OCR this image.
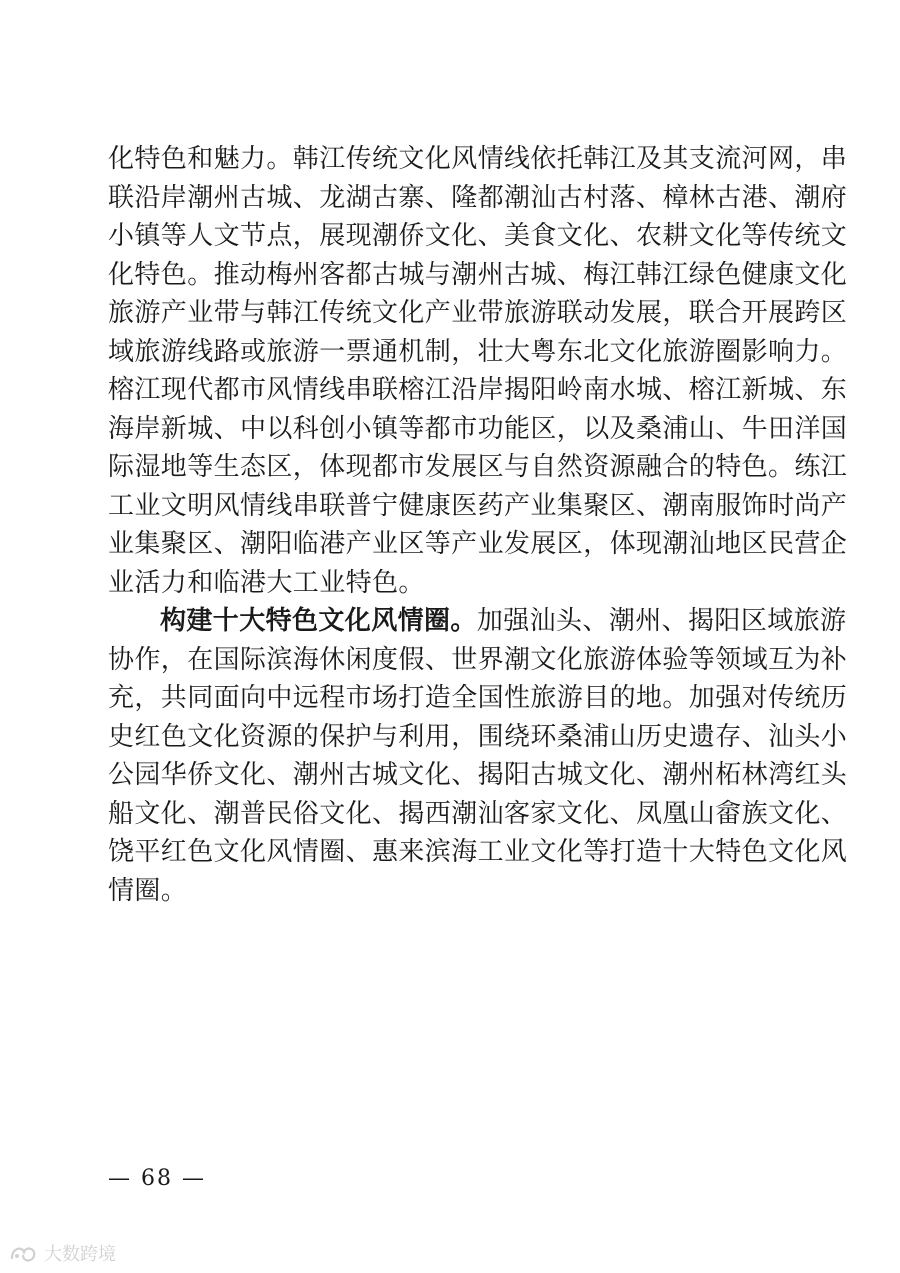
化特色和魅力。韩江传统文化风情线依托韩江及其支流河网，串
联沿岸潮州古城、龙湖古寨、隆都潮汕古村落、樟林古港、潮府
小镇等人文节点，展现潮侨文化、美食文化、农耕文化等传统文
化特色。推动梅州客都古城与潮州古城、梅江韩江绿色健康文化
旅游产业带与韩江传统文化产业带旅游联动发展，联合开展跨区
域旅游线路或旅游一票通机制，壮大粤东北文化旅游圈影响力。
榕江现代都市风情线串联榕江沿岸揭阳岭南水城、榕江新城、东
海岸新城、中以科创小镇等都市功能区，以及桑浦山、牛田洋国
际湿地等生态区，体现都市发展区与自然资源融合的特色。练江
工业文明风情线串联普宁健康医药产业集聚区、潮南服饰时尚产
业集聚区、潮阳临港产业区等产业发展区，体现潮汕地区民营企
业活力和临港大工业特色。

构建十大特色文化风情圈。加强汕头、潮州、揭阳区域旅游
协作，在国际滨海休闲度假、世界潮文化旅游体验等领域互为补
充，共同面向中远程市场打造全国性旅游目的地。加强对传统历
史红色文化资源的保护与利用，围绕环桑浦山历史遗存、汕头小
公园华侨文化、潮州古城文化、揭阳古城文化、潮州柘林湾红头
船文化、潮普民俗文化、揭西潮汕客家文化、凤凰山畲族文化、
饶平红色文化风情圈、惠来滨海工业文化等打造十大特色文化风
情圈。

— 68 —
大数跨境
